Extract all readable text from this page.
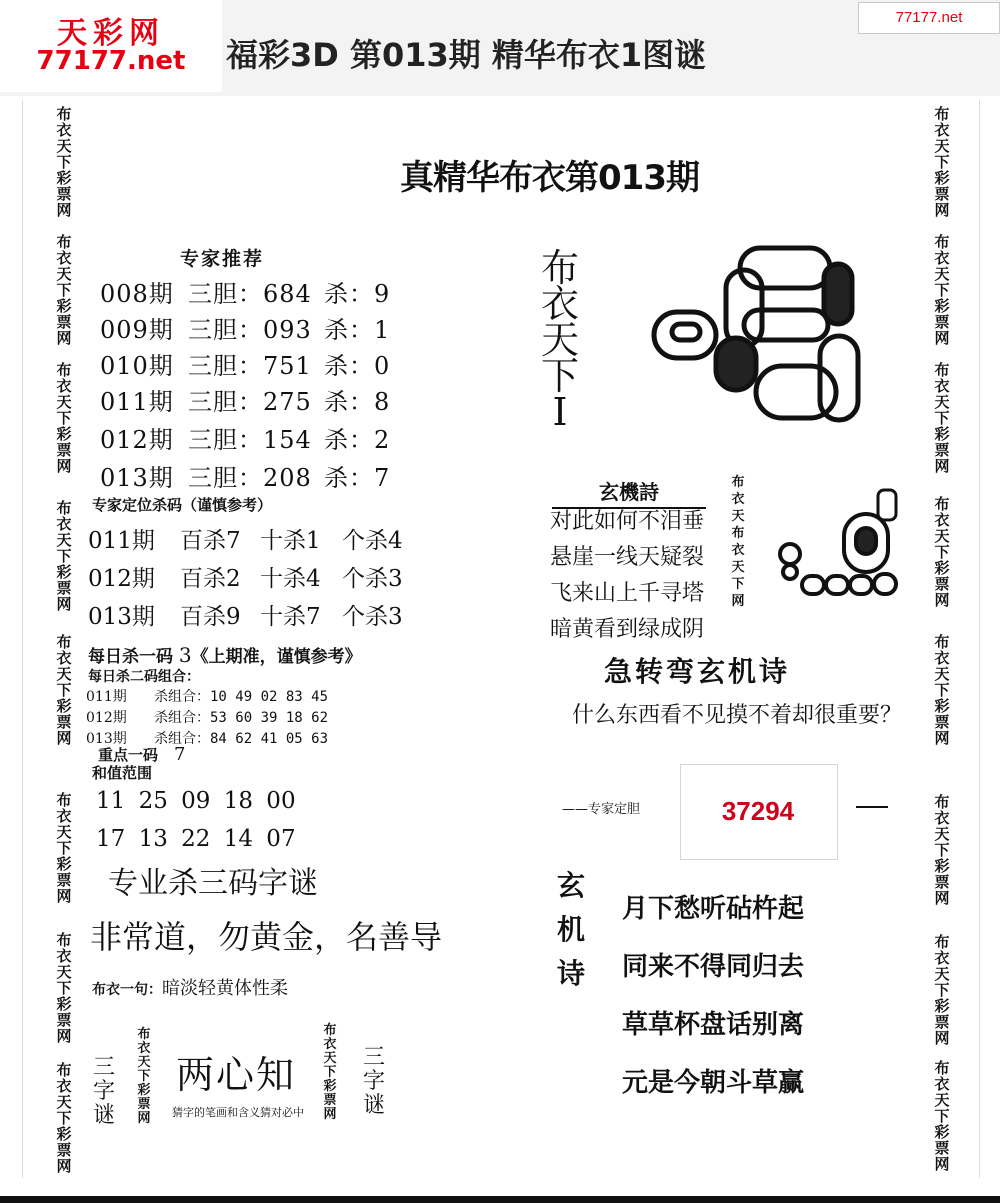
天彩网
77177.net	福彩3D 第013期 精华布衣1图谜
77177.net
布衣天下彩票网
布衣天下彩票网
布衣天下彩票网
布衣天下彩票网
布衣天下彩票网
布衣天下彩票网
布衣天下彩票网
布衣天下彩票网
布衣天下彩票网
布衣天下彩票网
布衣天下彩票网
布衣天下彩票网
布衣天下彩票网
布衣天下彩票网
布衣天下彩票网
布衣天下彩票网
真精华布衣第013期
专家推荐
008期 三胆：684 杀：9
009期 三胆：093 杀：1
010期 三胆：751 杀：0
011期 三胆：275 杀：8
012期 三胆：154 杀：2
013期 三胆：208 杀：7
专家定位杀码（谨慎参考）
011期 百杀7 十杀1 个杀4
012期 百杀2 十杀4 个杀3
013期 百杀9 十杀7 个杀3
每日杀一码 3《上期准，谨慎参考》
每日杀二码组合：
011期 杀组合：10 49 02 83 45
012期 杀组合：53 60 39 18 62
013期 杀组合：84 62 41 05 63
重点一码 7
和值范围
11 25 09 18 00
17 13 22 14 07
专业杀三码字谜
非常道，勿黄金，名善导
布衣一句：暗淡轻黄体性柔
三字谜
布衣天下彩票网
两心知
猜字的笔画和含义猜对必中
布衣天下彩票网
三字谜
布衣天下I
玄機詩
对此如何不泪垂
悬崖一线天疑裂
飞来山上千寻塔
暗黄看到绿成阴
布衣天布衣天下网
急转弯玄机诗
什么东西看不见摸不着却很重要？
——专家定胆	37294
玄机诗
月下愁听砧杵起
同来不得同归去
草草杯盘话别离
元是今朝斗草赢
